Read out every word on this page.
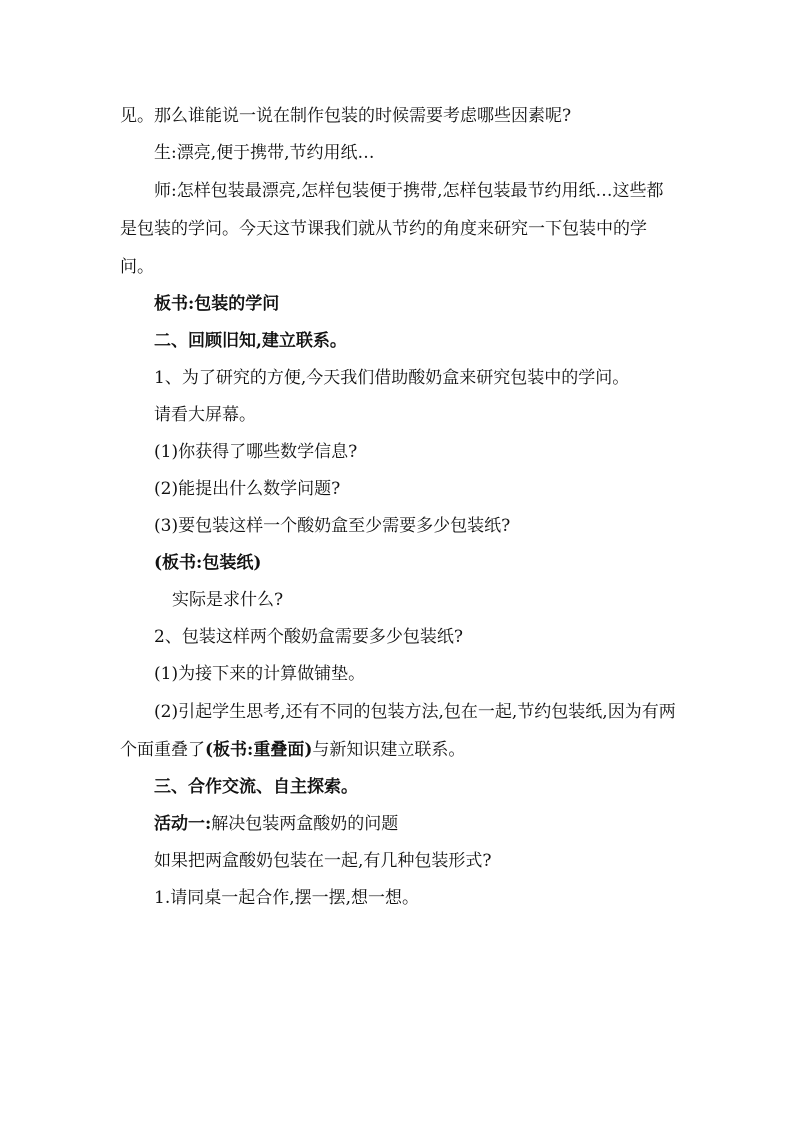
见。那么谁能说一说在制作包装的时候需要考虑哪些因素呢?

生:漂亮,便于携带,节约用纸…

师:怎样包装最漂亮,怎样包装便于携带,怎样包装最节约用纸…这些都是包装的学问。今天这节课我们就从节约的角度来研究一下包装中的学问。

板书:包装的学问

二、回顾旧知,建立联系。

1、为了研究的方便,今天我们借助酸奶盒来研究包装中的学问。

请看大屏幕。

(1)你获得了哪些数学信息?

(2)能提出什么数学问题?

(3)要包装这样一个酸奶盒至少需要多少包装纸?

(板书:包装纸)

实际是求什么?

2、包装这样两个酸奶盒需要多少包装纸?

(1)为接下来的计算做铺垫。

(2)引起学生思考,还有不同的包装方法,包在一起,节约包装纸,因为有两个面重叠了(板书:重叠面)与新知识建立联系。

三、合作交流、自主探索。

活动一:解决包装两盒酸奶的问题

如果把两盒酸奶包装在一起,有几种包装形式?

1.请同桌一起合作,摆一摆,想一想。
